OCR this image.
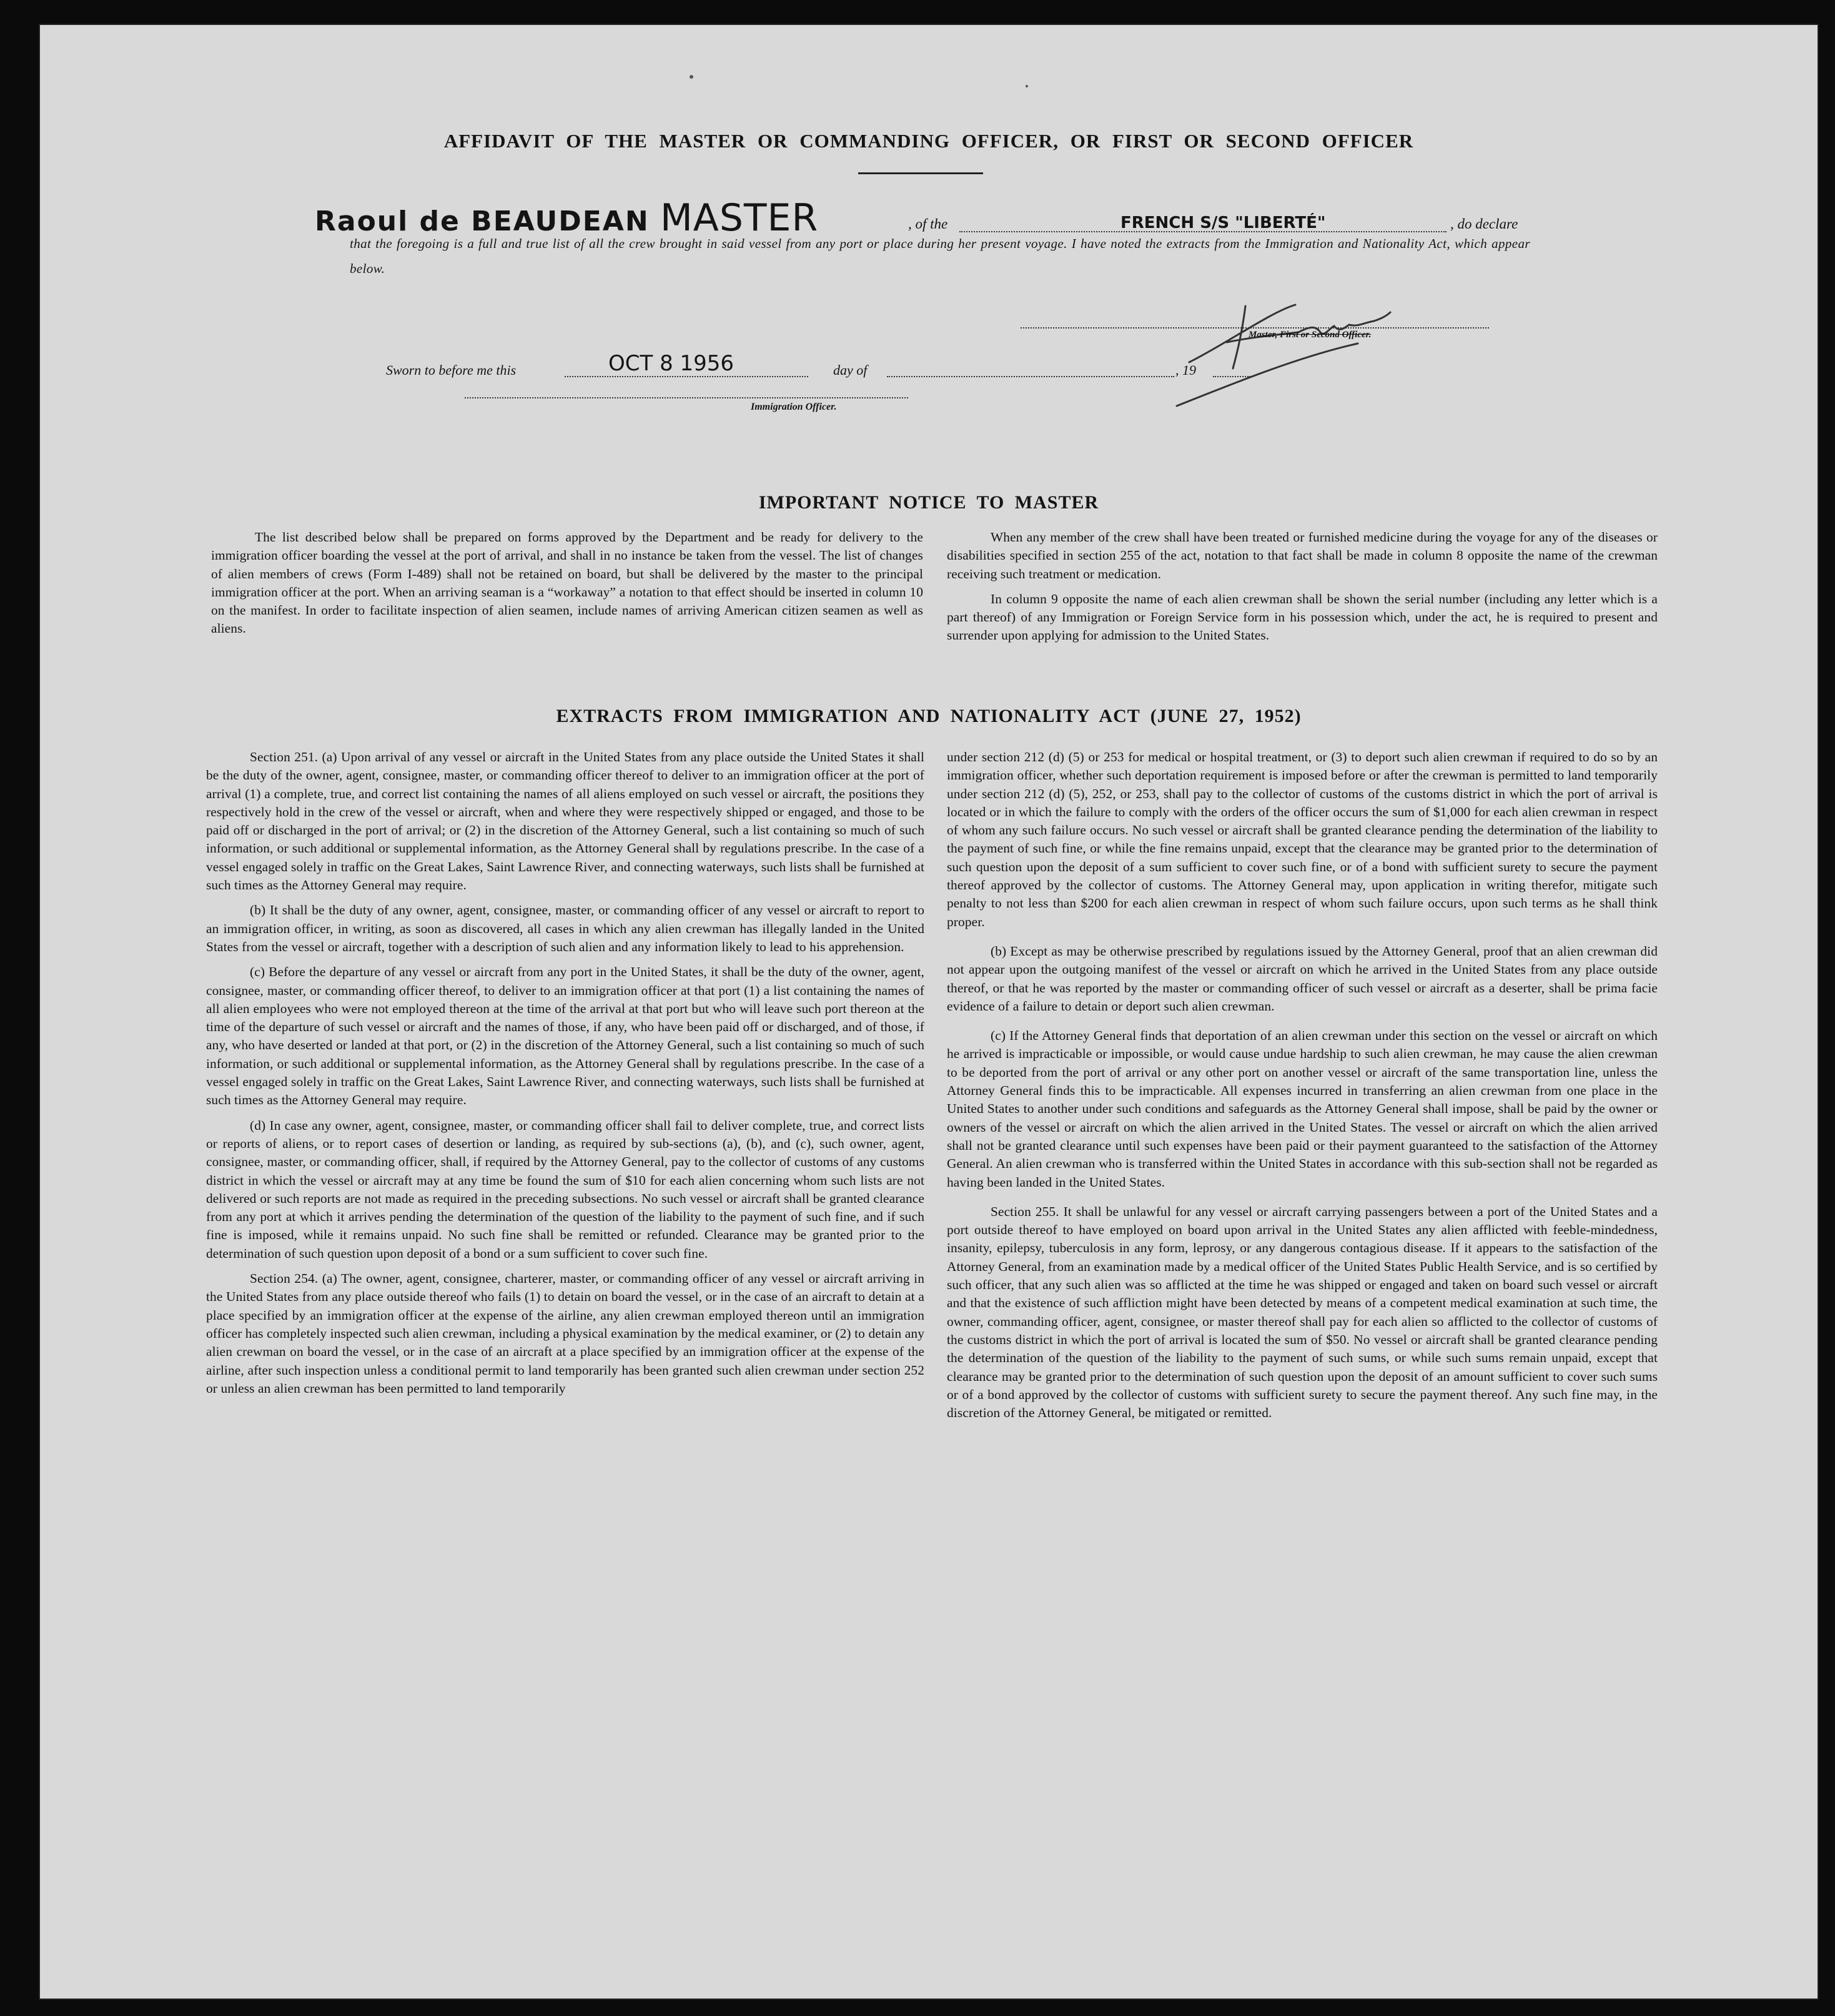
AFFIDAVIT OF THE MASTER OR COMMANDING OFFICER, OR FIRST OR SECOND OFFICER
Raoul de BEAUDEAN MASTER	, of the	FRENCH S/S "LIBERTÉ"	, do declare
that the foregoing is a full and true list of all the crew brought in said vessel from any port or place during her present voyage. I have noted the extracts from the Immigration and Nationality Act, which appear below.
Master, First or Second Officer.
Sworn to before me this	OCT 8 1956	day of	, 19
Immigration Officer.
IMPORTANT NOTICE TO MASTER

The list described below shall be prepared on forms approved by the Department and be ready for delivery to the immigration officer boarding the vessel at the port of arrival, and shall in no instance be taken from the vessel. The list of changes of alien members of crews (Form I-489) shall not be retained on board, but shall be delivered by the master to the principal immigration officer at the port. When an arriving seaman is a “workaway” a notation to that effect should be inserted in column 10 on the manifest. In order to facilitate inspection of alien seamen, include names of arriving American citizen seamen as well as aliens.

When any member of the crew shall have been treated or furnished medicine during the voyage for any of the diseases or disabilities specified in section 255 of the act, notation to that fact shall be made in column 8 opposite the name of the crewman receiving such treatment or medication.

In column 9 opposite the name of each alien crewman shall be shown the serial number (including any letter which is a part thereof) of any Immigration or Foreign Service form in his possession which, under the act, he is required to present and surrender upon applying for admission to the United States.

EXTRACTS FROM IMMIGRATION AND NATIONALITY ACT (JUNE 27, 1952)

Section 251. (a) Upon arrival of any vessel or aircraft in the United States from any place outside the United States it shall be the duty of the owner, agent, consignee, master, or commanding officer thereof to deliver to an immigration officer at the port of arrival (1) a complete, true, and correct list containing the names of all aliens employed on such vessel or aircraft, the positions they respectively hold in the crew of the vessel or aircraft, when and where they were respectively shipped or engaged, and those to be paid off or discharged in the port of arrival; or (2) in the discretion of the Attorney General, such a list containing so much of such information, or such additional or supplemental information, as the Attorney General shall by regulations prescribe. In the case of a vessel engaged solely in traffic on the Great Lakes, Saint Lawrence River, and connecting waterways, such lists shall be furnished at such times as the Attorney General may require.

(b) It shall be the duty of any owner, agent, consignee, master, or commanding officer of any vessel or aircraft to report to an immigration officer, in writing, as soon as discovered, all cases in which any alien crewman has illegally landed in the United States from the vessel or aircraft, together with a description of such alien and any information likely to lead to his apprehension.

(c) Before the departure of any vessel or aircraft from any port in the United States, it shall be the duty of the owner, agent, consignee, master, or commanding officer thereof, to deliver to an immigration officer at that port (1) a list containing the names of all alien employees who were not employed thereon at the time of the arrival at that port but who will leave such port thereon at the time of the departure of such vessel or aircraft and the names of those, if any, who have been paid off or discharged, and of those, if any, who have deserted or landed at that port, or (2) in the discretion of the Attorney General, such a list containing so much of such information, or such additional or supplemental information, as the Attorney General shall by regulations prescribe. In the case of a vessel engaged solely in traffic on the Great Lakes, Saint Lawrence River, and connecting waterways, such lists shall be furnished at such times as the Attorney General may require.

(d) In case any owner, agent, consignee, master, or commanding officer shall fail to deliver complete, true, and correct lists or reports of aliens, or to report cases of desertion or landing, as required by sub-sections (a), (b), and (c), such owner, agent, consignee, master, or commanding officer, shall, if required by the Attorney General, pay to the collector of customs of any customs district in which the vessel or aircraft may at any time be found the sum of $10 for each alien concerning whom such lists are not delivered or such reports are not made as required in the preceding subsections. No such vessel or aircraft shall be granted clearance from any port at which it arrives pending the determination of the question of the liability to the payment of such fine, and if such fine is imposed, while it remains unpaid. No such fine shall be remitted or refunded. Clearance may be granted prior to the determination of such question upon deposit of a bond or a sum sufficient to cover such fine.

Section 254. (a) The owner, agent, consignee, charterer, master, or commanding officer of any vessel or aircraft arriving in the United States from any place outside thereof who fails (1) to detain on board the vessel, or in the case of an aircraft to detain at a place specified by an immigration officer at the expense of the airline, any alien crewman employed thereon until an immigration officer has completely inspected such alien crewman, including a physical examination by the medical examiner, or (2) to detain any alien crewman on board the vessel, or in the case of an aircraft at a place specified by an immigration officer at the expense of the airline, after such inspection unless a conditional permit to land temporarily has been granted such alien crewman under section 252 or unless an alien crewman has been permitted to land temporarily

under section 212 (d) (5) or 253 for medical or hospital treatment, or (3) to deport such alien crewman if required to do so by an immigration officer, whether such deportation requirement is imposed before or after the crewman is permitted to land temporarily under section 212 (d) (5), 252, or 253, shall pay to the collector of customs of the customs district in which the port of arrival is located or in which the failure to comply with the orders of the officer occurs the sum of $1,000 for each alien crewman in respect of whom any such failure occurs. No such vessel or aircraft shall be granted clearance pending the determination of the liability to the payment of such fine, or while the fine remains unpaid, except that the clearance may be granted prior to the determination of such question upon the deposit of a sum sufficient to cover such fine, or of a bond with sufficient surety to secure the payment thereof approved by the collector of customs. The Attorney General may, upon application in writing therefor, mitigate such penalty to not less than $200 for each alien crewman in respect of whom such failure occurs, upon such terms as he shall think proper.

(b) Except as may be otherwise prescribed by regulations issued by the Attorney General, proof that an alien crewman did not appear upon the outgoing manifest of the vessel or aircraft on which he arrived in the United States from any place outside thereof, or that he was reported by the master or commanding officer of such vessel or aircraft as a deserter, shall be prima facie evidence of a failure to detain or deport such alien crewman.

(c) If the Attorney General finds that deportation of an alien crewman under this section on the vessel or aircraft on which he arrived is impracticable or impossible, or would cause undue hardship to such alien crewman, he may cause the alien crewman to be deported from the port of arrival or any other port on another vessel or aircraft of the same transportation line, unless the Attorney General finds this to be impracticable. All expenses incurred in transferring an alien crewman from one place in the United States to another under such conditions and safeguards as the Attorney General shall impose, shall be paid by the owner or owners of the vessel or aircraft on which the alien arrived in the United States. The vessel or aircraft on which the alien arrived shall not be granted clearance until such expenses have been paid or their payment guaranteed to the satisfaction of the Attorney General. An alien crewman who is transferred within the United States in accordance with this sub-section shall not be regarded as having been landed in the United States.

Section 255. It shall be unlawful for any vessel or aircraft carrying passengers between a port of the United States and a port outside thereof to have employed on board upon arrival in the United States any alien afflicted with feeble-mindedness, insanity, epilepsy, tuberculosis in any form, leprosy, or any dangerous contagious disease. If it appears to the satisfaction of the Attorney General, from an examination made by a medical officer of the United States Public Health Service, and is so certified by such officer, that any such alien was so afflicted at the time he was shipped or engaged and taken on board such vessel or aircraft and that the existence of such affliction might have been detected by means of a competent medical examination at such time, the owner, commanding officer, agent, consignee, or master thereof shall pay for each alien so afflicted to the collector of customs of the customs district in which the port of arrival is located the sum of $50. No vessel or aircraft shall be granted clearance pending the determination of the question of the liability to the payment of such sums, or while such sums remain unpaid, except that clearance may be granted prior to the determination of such question upon the deposit of an amount sufficient to cover such sums or of a bond approved by the collector of customs with sufficient surety to secure the payment thereof. Any such fine may, in the discretion of the Attorney General, be mitigated or remitted.
